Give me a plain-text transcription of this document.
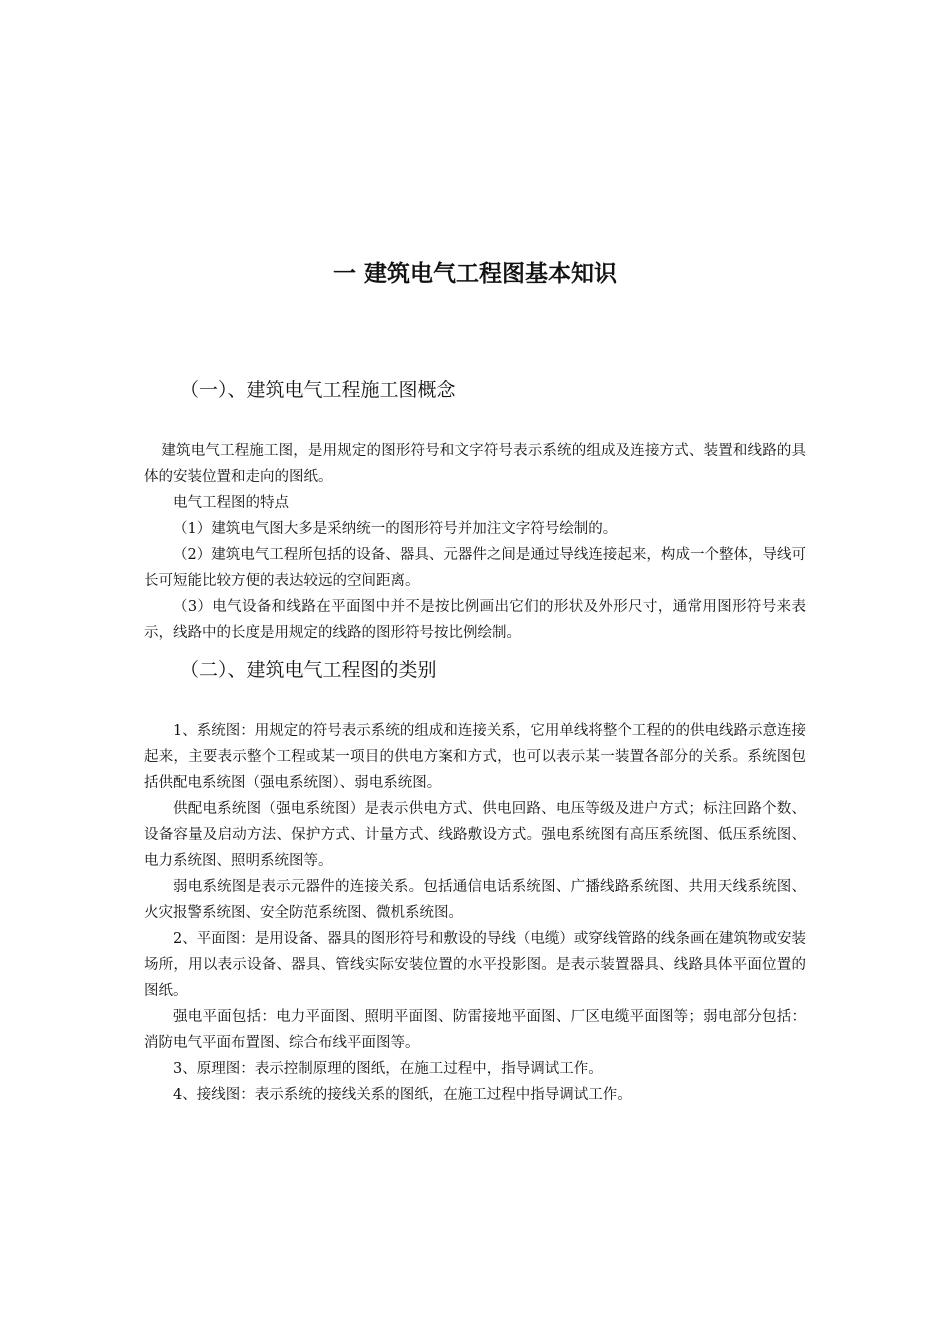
一 建筑电气工程图基本知识
（一）、建筑电气工程施工图概念

建筑电气工程施工图，是用规定的图形符号和文字符号表示系统的组成及连接方式、装置和线路的具体的安装位置和走向的图纸。

电气工程图的特点

（1）建筑电气图大多是采纳统一的图形符号并加注文字符号绘制的。

（2）建筑电气工程所包括的设备、器具、元器件之间是通过导线连接起来，构成一个整体，导线可长可短能比较方便的表达较远的空间距离。

（3）电气设备和线路在平面图中并不是按比例画出它们的形状及外形尺寸，通常用图形符号来表示，线路中的长度是用规定的线路的图形符号按比例绘制。

（二）、建筑电气工程图的类别

1、系统图：用规定的符号表示系统的组成和连接关系，它用单线将整个工程的的供电线路示意连接起来，主要表示整个工程或某一项目的供电方案和方式，也可以表示某一装置各部分的关系。系统图包括供配电系统图（强电系统图）、弱电系统图。

供配电系统图（强电系统图）是表示供电方式、供电回路、电压等级及进户方式；标注回路个数、设备容量及启动方法、保护方式、计量方式、线路敷设方式。强电系统图有高压系统图、低压系统图、电力系统图、照明系统图等。

弱电系统图是表示元器件的连接关系。包括通信电话系统图、广播线路系统图、共用天线系统图、火灾报警系统图、安全防范系统图、微机系统图。

2、平面图：是用设备、器具的图形符号和敷设的导线（电缆）或穿线管路的线条画在建筑物或安装场所，用以表示设备、器具、管线实际安装位置的水平投影图。是表示装置器具、线路具体平面位置的图纸。

强电平面包括：电力平面图、照明平面图、防雷接地平面图、厂区电缆平面图等；弱电部分包括：消防电气平面布置图、综合布线平面图等。

3、原理图：表示控制原理的图纸，在施工过程中，指导调试工作。

4、接线图：表示系统的接线关系的图纸，在施工过程中指导调试工作。
